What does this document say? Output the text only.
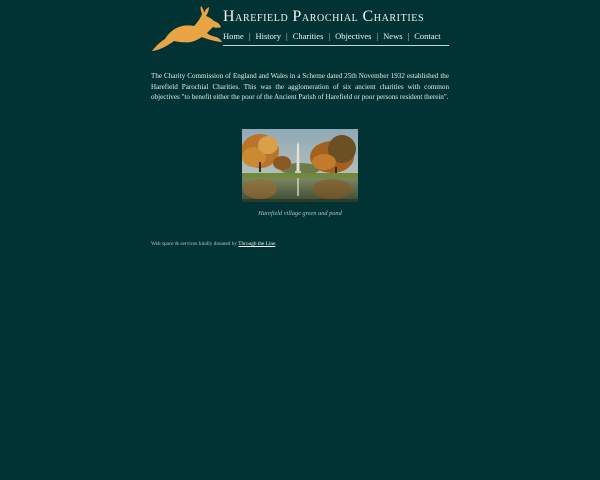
Harefield Parochial Charities
Home | History | Charities | Objectives | News | Contact

The Charity Commission of England and Wales in a Scheme dated 25th November 1932 established the Harefield Parochial Charities. This was the agglomeration of six ancient charities with common objectives "to benefit either the poor of the Ancient Parish of Harefield or poor persons resident therein".

Harefield village green and pond
Web space & services kindly donated by Through the Line.
